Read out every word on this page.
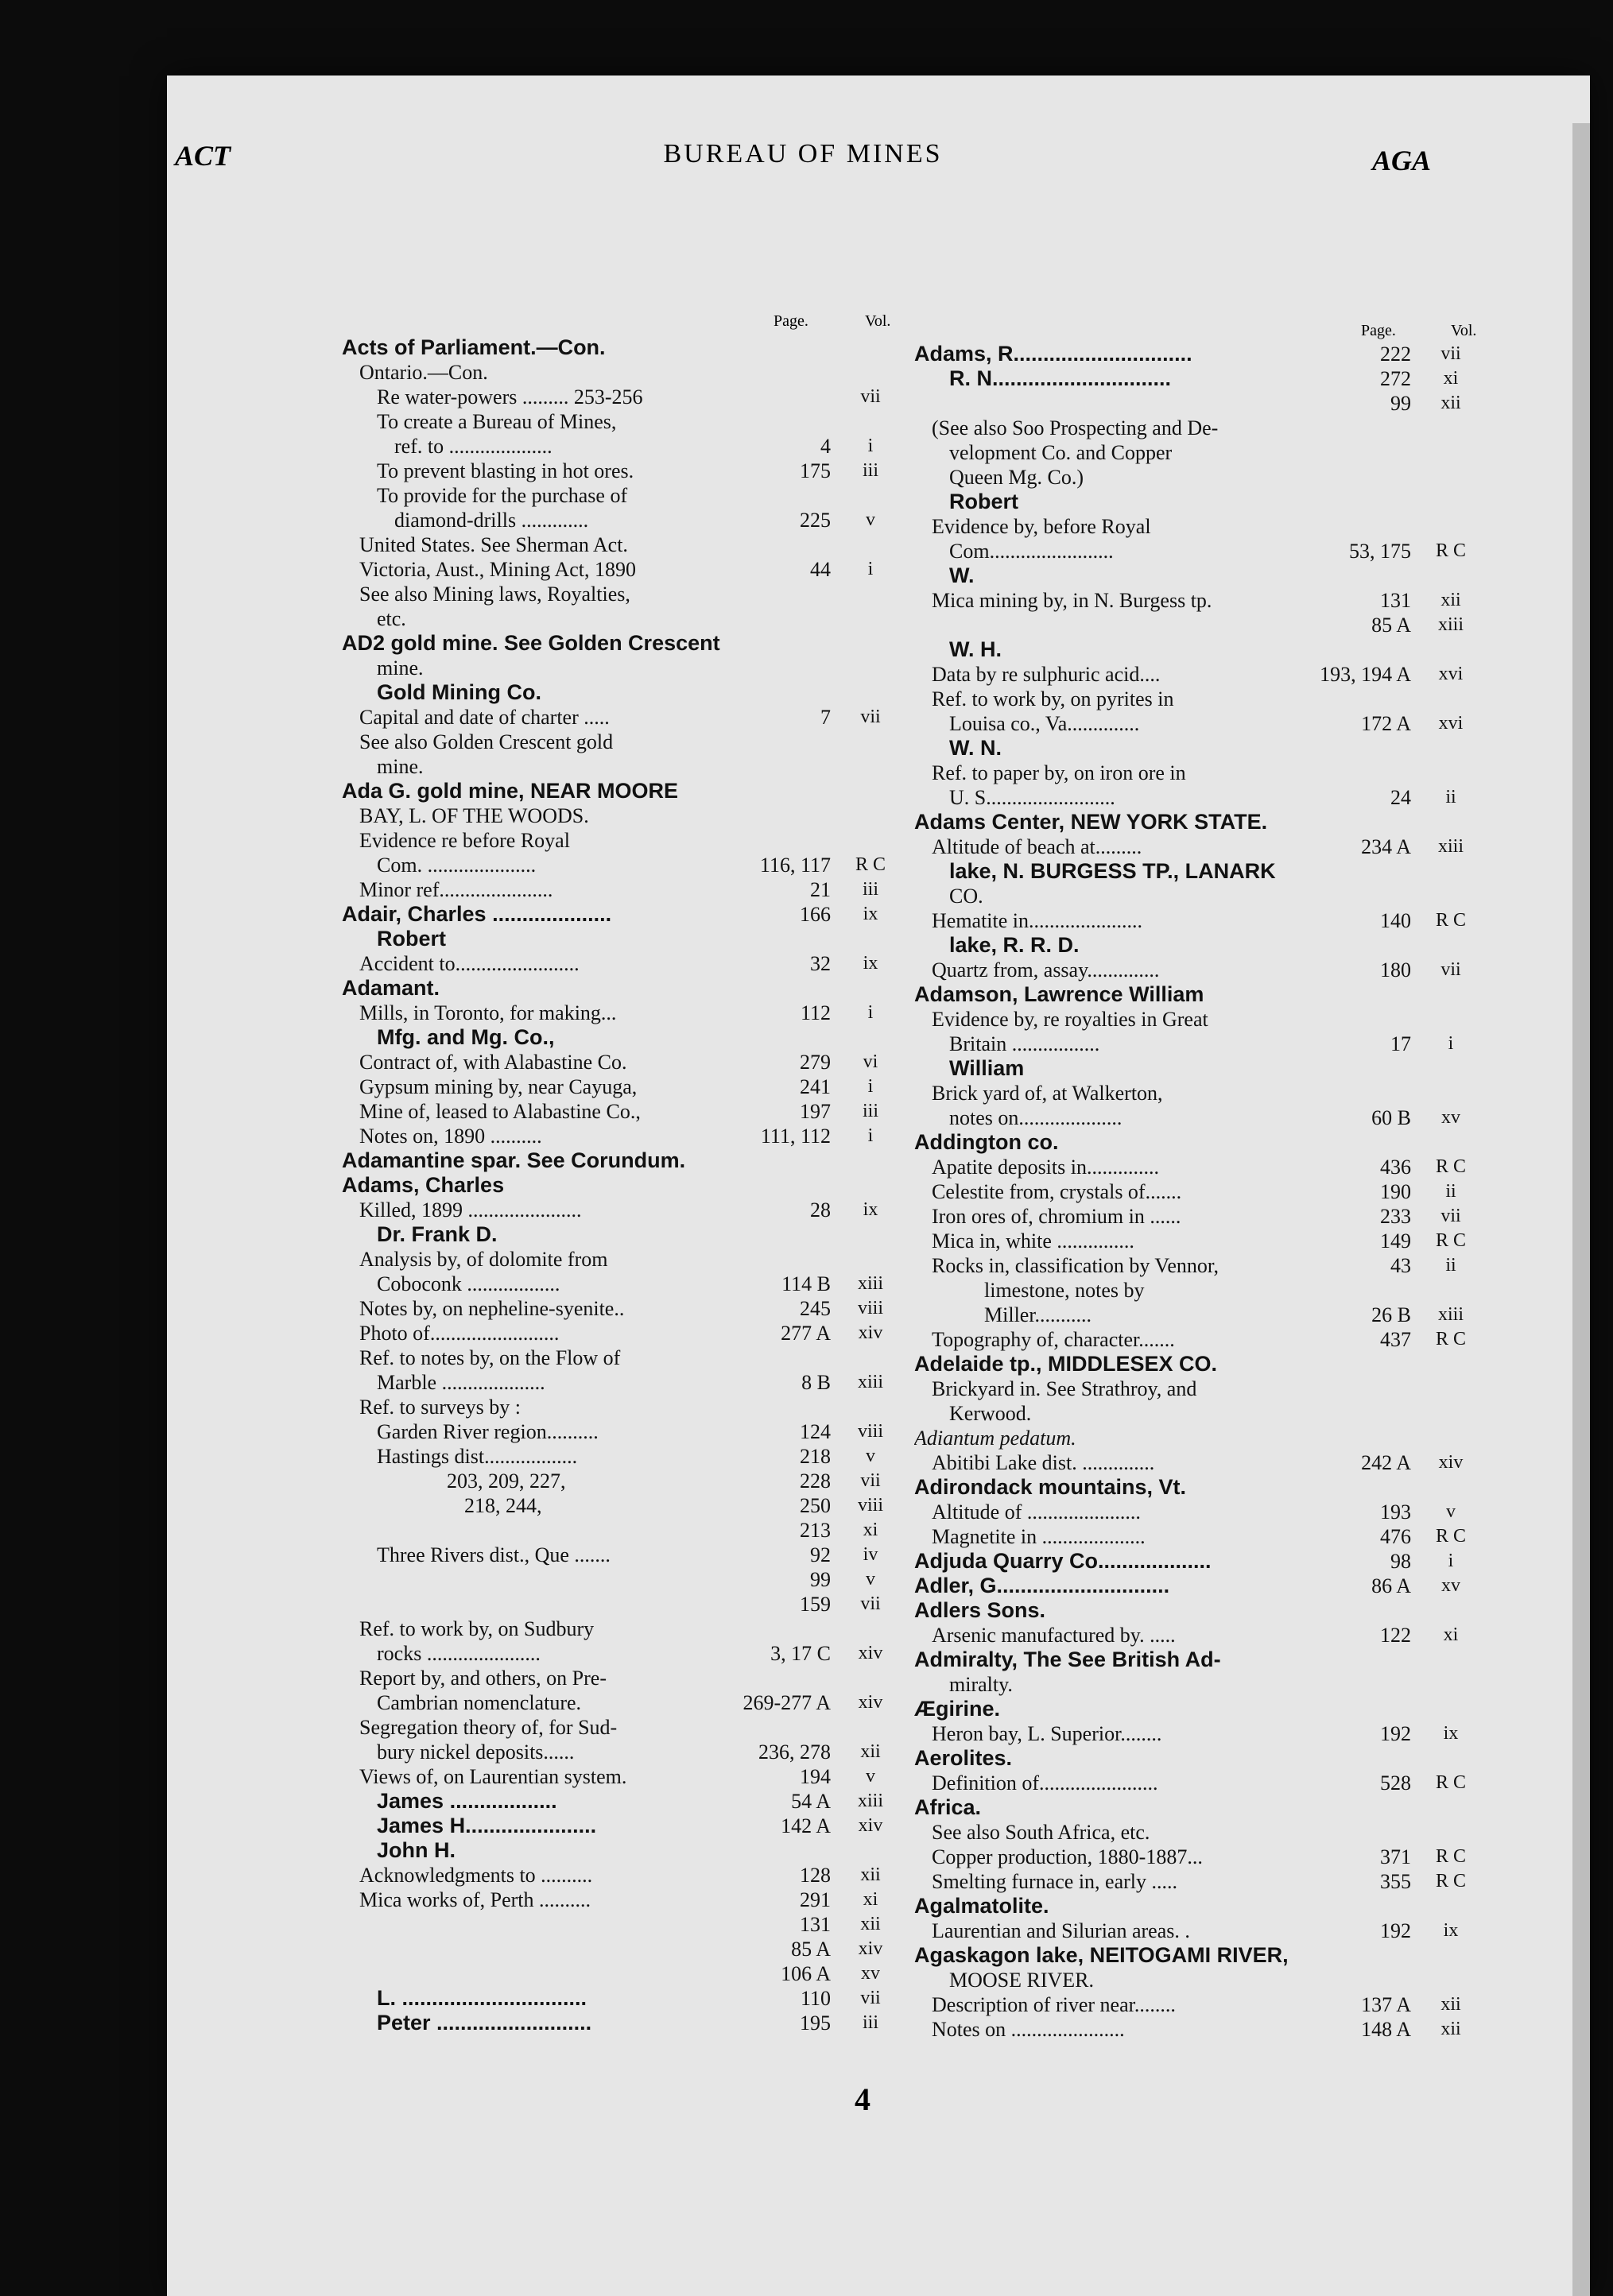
ACT	BUREAU OF MINES	AGA
Page.	Vol.
Page.	Vol.
Acts of Parliament.—Con.
Ontario.—Con.
Re water-powers ......... 253-256	vii
To create a Bureau of Mines,
ref. to ....................	4	i
To prevent blasting in hot ores.	175	iii
To provide for the purchase of
diamond-drills .............	225	v
United States. See Sherman Act.
Victoria, Aust., Mining Act, 1890	44	i
See also Mining laws, Royalties,
etc.
AD2 gold mine. See Golden Crescent
mine.
Gold Mining Co.
Capital and date of charter .....	7	vii
See also Golden Crescent gold
mine.
Ada G. gold mine, NEAR MOORE
BAY, L. OF THE WOODS.
Evidence re before Royal
Com. .....................	116, 117	R C
Minor ref......................	21	iii
Adair, Charles ....................	166	ix
Robert
Accident to........................	32	ix
Adamant.
Mills, in Toronto, for making...	112	i
Mfg. and Mg. Co.,
Contract of, with Alabastine Co.	279	vi
Gypsum mining by, near Cayuga,	241	i
Mine of, leased to Alabastine Co.,	197	iii
Notes on, 1890 ..........	111, 112	i
Adamantine spar. See Corundum.
Adams, Charles
Killed, 1899 ......................	28	ix
Dr. Frank D.
Analysis by, of dolomite from
Coboconk ..................	114 B	xiii
Notes by, on nepheline-syenite..	245	viii
Photo of.........................	277 A	xiv
Ref. to notes by, on the Flow of
Marble ....................	8 B	xiii
Ref. to surveys by :
Garden River region..........	124	viii
Hastings dist..................	218	v
203, 209, 227,	228	vii
218, 244,	250	viii
213	xi
Three Rivers dist., Que .......	92	iv
99	v
159	vii
Ref. to work by, on Sudbury
rocks ......................	3, 17 C	xiv
Report by, and others, on Pre-
Cambrian nomenclature.	269-277 A	xiv
Segregation theory of, for Sud-
bury nickel deposits......	236, 278	xii
Views of, on Laurentian system.	194	v
James ..................	54 A	xiii
James H......................	142 A	xiv
John H.
Acknowledgments to ..........	128	xii
Mica works of, Perth ..........	291	xi
131	xii
85 A	xiv
106 A	xv
L. ...............................	110	vii
Peter ..........................	195	iii
Adams, R..............................	222	vii
R. N..............................	272	xi
99	xii
(See also Soo Prospecting and De-
velopment Co. and Copper
Queen Mg. Co.)
Robert
Evidence by, before Royal
Com........................	53, 175	R C
W.
Mica mining by, in N. Burgess tp.	131	xii
85 A	xiii
W. H.
Data by re sulphuric acid....	193, 194 A	xvi
Ref. to work by, on pyrites in
Louisa co., Va..............	172 A	xvi
W. N.
Ref. to paper by, on iron ore in
U. S.........................	24	ii
Adams Center, NEW YORK STATE.
Altitude of beach at.........	234 A	xiii
lake, N. BURGESS TP., LANARK
CO.
Hematite in......................	140	R C
lake, R. R. D.
Quartz from, assay..............	180	vii
Adamson, Lawrence William
Evidence by, re royalties in Great
Britain .................	17	i
William
Brick yard of, at Walkerton,
notes on....................	60 B	xv
Addington co.
Apatite deposits in..............	436	R C
Celestite from, crystals of.......	190	ii
Iron ores of, chromium in ......	233	vii
Mica in, white ...............	149	R C
Rocks in, classification by Vennor,	43	ii
limestone, notes by
Miller...........	26 B	xiii
Topography of, character.......	437	R C
Adelaide tp., MIDDLESEX CO.
Brickyard in. See Strathroy, and
Kerwood.
Adiantum pedatum.
Abitibi Lake dist. ..............	242 A	xiv
Adirondack mountains, Vt.
Altitude of ......................	193	v
Magnetite in ....................	476	R C
Adjuda Quarry Co...................	98	i
Adler, G.............................	86 A	xv
Adlers Sons.
Arsenic manufactured by. .....	122	xi
Admiralty, The See British Ad-
miralty.
Ægirine.
Heron bay, L. Superior........	192	ix
Aerolites.
Definition of.......................	528	R C
Africa.
See also South Africa, etc.
Copper production, 1880-1887...	371	R C
Smelting furnace in, early .....	355	R C
Agalmatolite.
Laurentian and Silurian areas. .	192	ix
Agaskagon lake, NEITOGAMI RIVER,
MOOSE RIVER.
Description of river near........	137 A	xii
Notes on ......................	148 A	xii
4
